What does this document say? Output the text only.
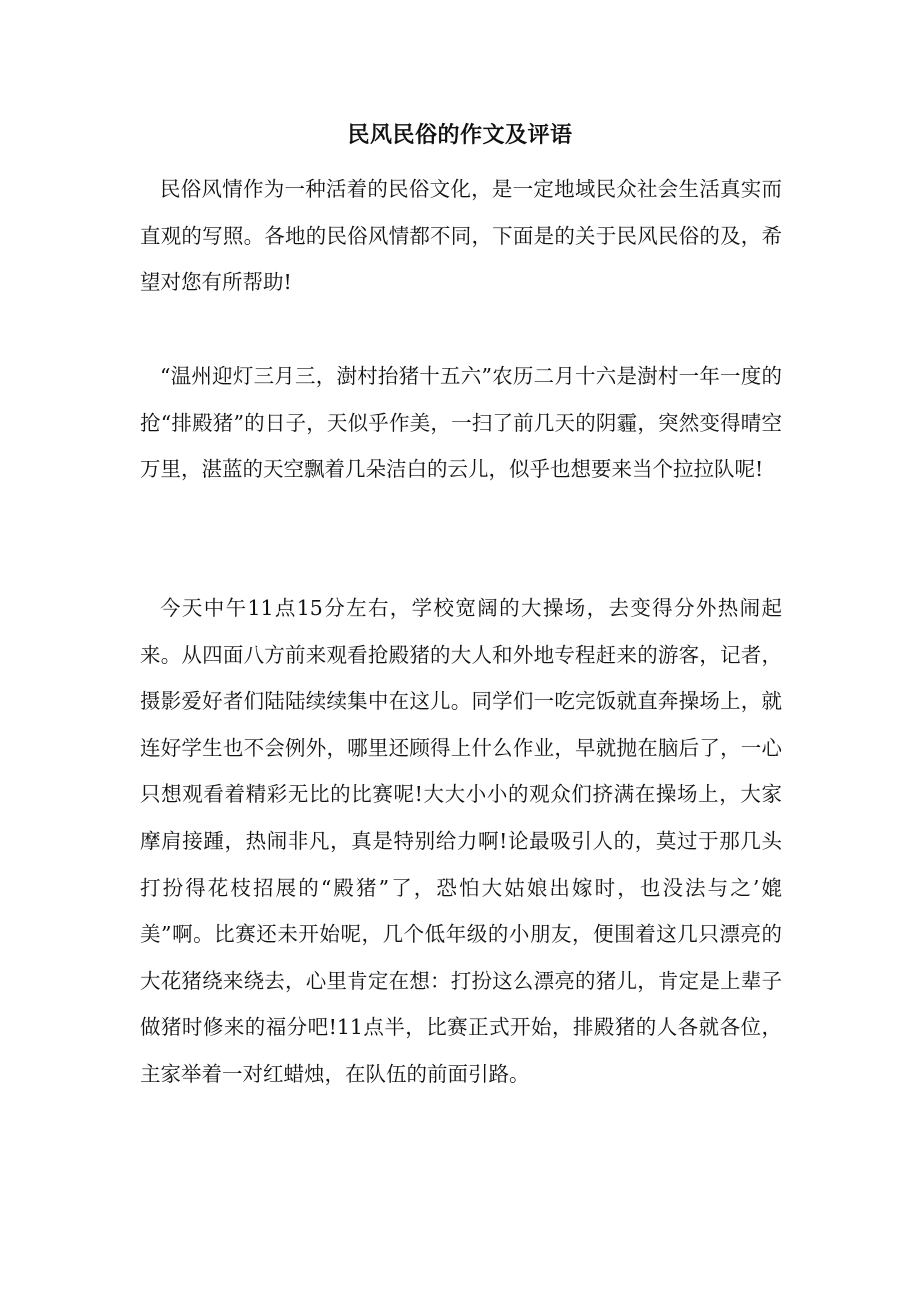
民风民俗的作文及评语
民俗风情作为一种活着的民俗文化，是一定地域民众社会生活真实而直观的写照。各地的民俗风情都不同，下面是的关于民风民俗的及，希望对您有所帮助!
“温州迎灯三月三，澍村抬猪十五六”农历二月十六是澍村一年一度的抢“排殿猪”的日子，天似乎作美，一扫了前几天的阴霾，突然变得晴空万里，湛蓝的天空飘着几朵洁白的云儿，似乎也想要来当个拉拉队呢!
今天中午11点15分左右，学校宽阔的大操场，去变得分外热闹起来。从四面八方前来观看抢殿猪的大人和外地专程赶来的游客，记者，摄影爱好者们陆陆续续集中在这儿。同学们一吃完饭就直奔操场上，就连好学生也不会例外，哪里还顾得上什么作业，早就抛在脑后了，一心只想观看着精彩无比的比赛呢!大大小小的观众们挤满在操场上，大家摩肩接踵，热闹非凡，真是特别给力啊!论最吸引人的，莫过于那几头打扮得花枝招展的“殿猪”了，恐怕大姑娘出嫁时，也没法与之’媲美”啊。比赛还未开始呢，几个低年级的小朋友，便围着这几只漂亮的大花猪绕来绕去，心里肯定在想：打扮这么漂亮的猪儿，肯定是上辈子做猪时修来的福分吧!11点半，比赛正式开始，排殿猪的人各就各位，主家举着一对红蜡烛，在队伍的前面引路。
